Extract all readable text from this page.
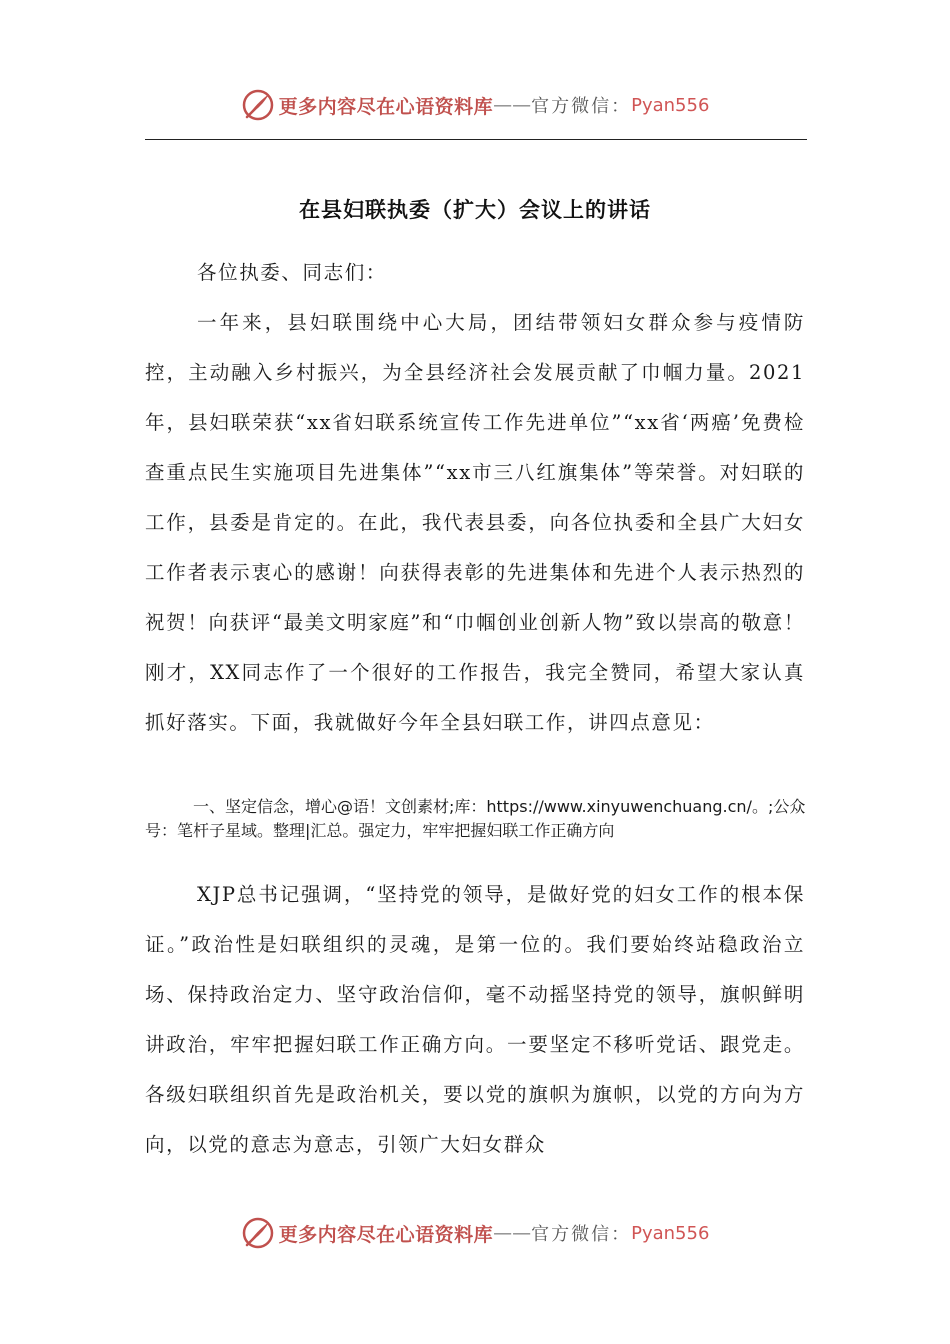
更多内容尽在心语资料库 —— 官方微信： Pyan556
在县妇联执委（扩大）会议上的讲话

各位执委、同志们：

一年来，县妇联围绕中心大局，团结带领妇女群众参与疫情防控，主动融入乡村振兴，为全县经济社会发展贡献了巾帼力量。2021年，县妇联荣获“xx省妇联系统宣传工作先进单位”“xx省‘两癌’免费检查重点民生实施项目先进集体”“xx市三八红旗集体”等荣誉。对妇联的工作，县委是肯定的。在此，我代表县委，向各位执委和全县广大妇女工作者表示衷心的感谢！向获得表彰的先进集体和先进个人表示热烈的祝贺！向获评“最美文明家庭”和“巾帼创业创新人物”致以崇高的敬意！刚才，XX同志作了一个很好的工作报告，我完全赞同，希望大家认真抓好落实。下面，我就做好今年全县妇联工作，讲四点意见：

一、坚定信念，增心@语！文创素材;库：https://www.xinyuwenchuang.cn/。;公众号：笔杆子星域。整理|汇总。强定力，牢牢把握妇联工作正确方向

XJP总书记强调，“坚持党的领导，是做好党的妇女工作的根本保证。”政治性是妇联组织的灵魂，是第一位的。我们要始终站稳政治立场、保持政治定力、坚守政治信仰，毫不动摇坚持党的领导，旗帜鲜明讲政治，牢牢把握妇联工作正确方向。一要坚定不移听党话、跟党走。各级妇联组织首先是政治机关，要以党的旗帜为旗帜，以党的方向为方向，以党的意志为意志，引领广大妇女群众

更多内容尽在心语资料库 —— 官方微信： Pyan556
